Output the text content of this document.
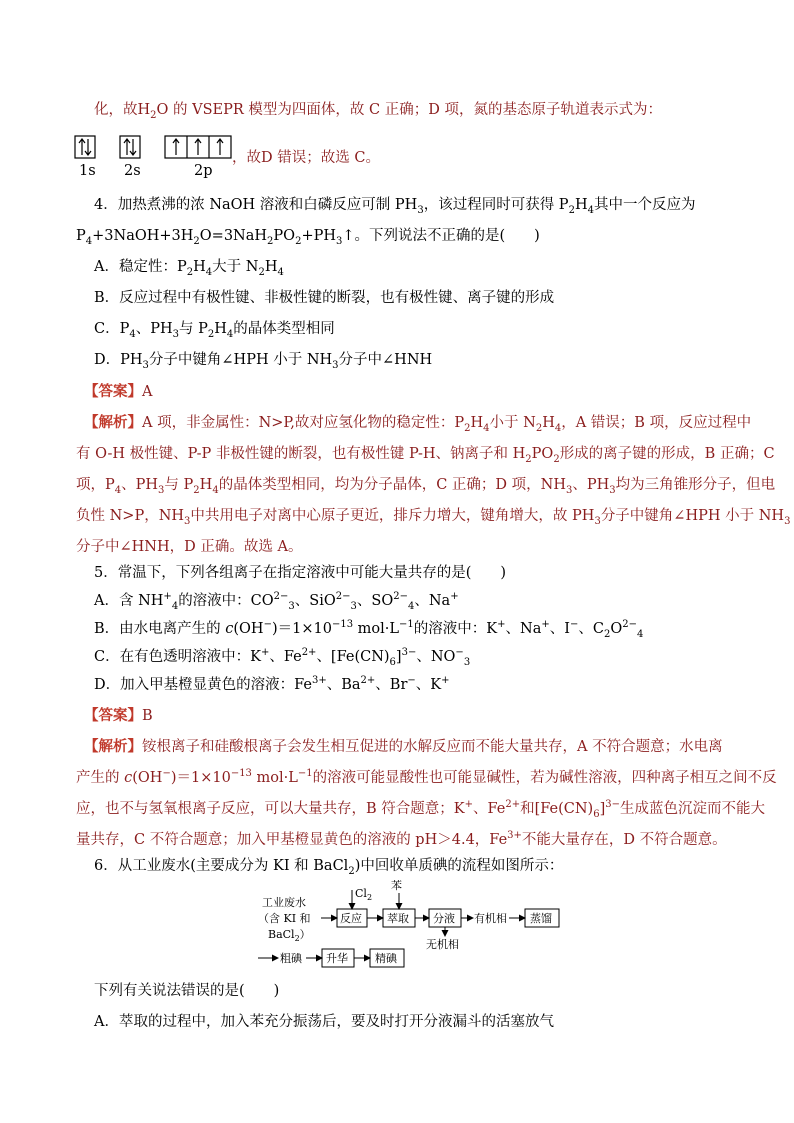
化，故$H_2O$ 的 VSEPR 模型为四面体，故 C 正确；D 项，氮的基态原子轨道表示式为：
1s 2s	2p
，故D 错误；故选 C。
4．加热煮沸的浓 NaOH 溶液和白磷反应可制 $PH_3$，该过程同时可获得 $P_2H_4$其中一个反应为
$P_4+3NaOH+3H_2O=3NaH_2PO_2+PH_3↑$。下列说法不正确的是(　　)
A．稳定性：$P_2H_4$大于 $N_2H_4$
B．反应过程中有极性键、非极性键的断裂，也有极性键、离子键的形成
C．$P_4$、$PH_3$与 $P_2H_4$的晶体类型相同
D．$PH_3$分子中键角∠HPH 小于 $NH_3$分子中∠HNH
【答案】A
【解析】A 项，非金属性：N>P,故对应氢化物的稳定性：$P_2H_4$小于 $N_2H_4$，A 错误；B 项，反应过程中
有 O-H 极性键、P-P 非极性键的断裂，也有极性键 P-H、钠离子和 $H_2PO_2$形成的离子键的形成，B 正确；C
项，$P_4$、$PH_3$与 $P_2H_4$的晶体类型相同，均为分子晶体，C 正确；D 项，$NH_3$、$PH_3$均为三角锥形分子，但电
负性 N>P，$NH_3$中共用电子对离中心原子更近，排斥力增大，键角增大，故 $PH_3$分子中键角∠HPH 小于 $NH_3$
分子中∠HNH，D 正确。故选 A。
5．常温下，下列各组离子在指定溶液中可能大量共存的是(　　)
A．含 $NH^+_4$的溶液中：$CO^{2-}_3$、SiO$^{2-}_3$、$SO^{2-}_4$、Na+
B．由水电离产生的 $c(OH^-)=1\times 10^{-13}$ $mol\cdot L^{-1}$的溶液中：K+、Na+、I−、$C_2O^{2-}_4$
C．在有色透明溶液中：K+、$Fe^{2+}$、$[Fe(CN)_6]^{3-}$、$NO^-_3$
D．加入甲基橙显黄色的溶液：$Fe^{3+}$、$Ba^{2+}$、Br−、K+
【答案】B
【解析】铵根离子和硅酸根离子会发生相互促进的水解反应而不能大量共存，A 不符合题意；水电离
产生的 $c(OH^-)=1\times 10^{-13}$ $mol\cdot L^{-1}$的溶液可能显酸性也可能显碱性，若为碱性溶液，四种离子相互之间不反
应，也不与氢氧根离子反应，可以大量共存，B 符合题意；K+、$Fe^{2+}$和$[Fe(CN)_6]^{3-}$生成蓝色沉淀而不能大
量共存，C 不符合题意；加入甲基橙显黄色的溶液的 pH＞4.4，$Fe^{3+}$不能大量存在，D 不符合题意。
6．从工业废水(主要成分为 KI 和 BaCl$_2$)中回收单质碘的流程如图所示：
工业废水
（含 KI 和
BaCl$_2$）
反应
$Cl_2$
萃取
苯
分液 有机相 蒸馏
无机相
粗碘 升华 精碘
下列有关说法错误的是(　　)
A．萃取的过程中，加入苯充分振荡后，要及时打开分液漏斗的活塞放气
